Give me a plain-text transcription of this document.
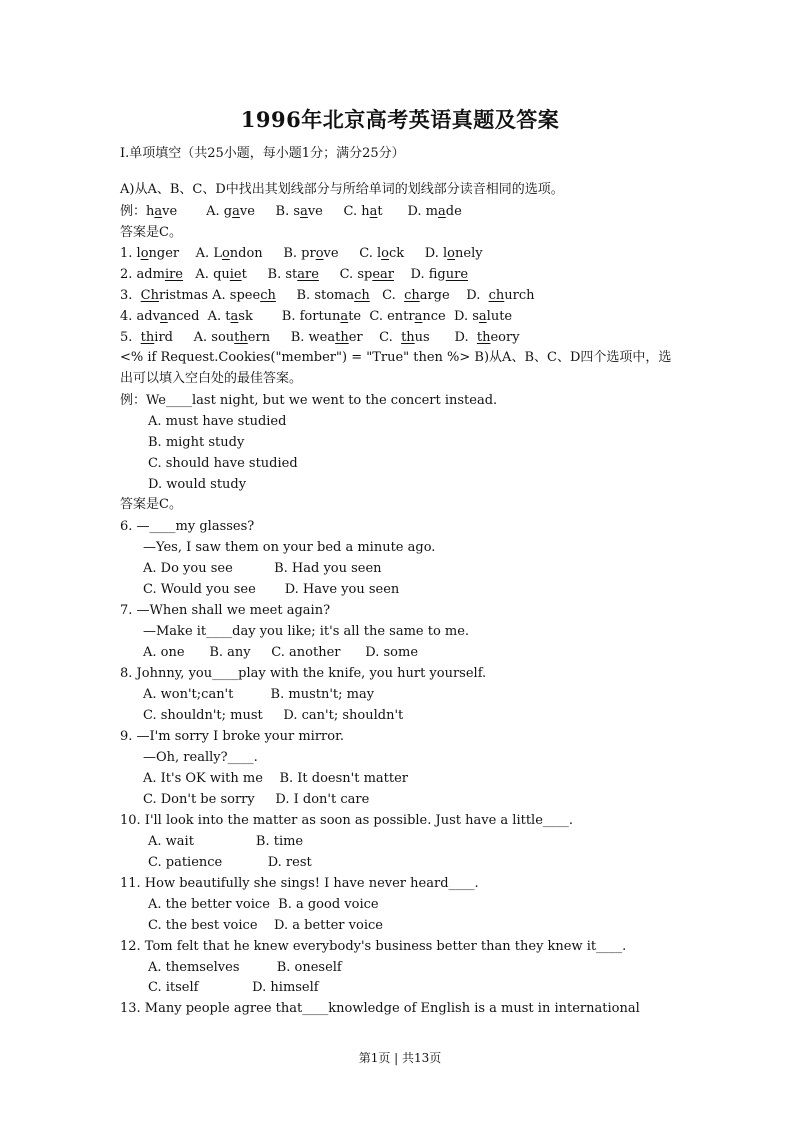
1996年北京高考英语真题及答案
Ⅰ.单项填空（共25小题，每小题1分；满分25分）
A)从A、B、C、D中找出其划线部分与所给单词的划线部分读音相同的选项。
例：have       A. gave     B. save     C. hat      D. made
答案是C。
1. longer    A. London     B. prove     C. lock     D. lonely
2. admire   A. quiet     B. stare     C. spear    D. figure
3.  Christmas A. speech     B. stomach   C.  charge    D.  church
4. advanced  A. task       B. fortunate  C. entrance  D. salute
5.  third     A. southern     B. weather    C.  thus      D.  theory
<% if Request.Cookies("member") = "True" then %> B)从A、B、C、D四个选项中，选
出可以填入空白处的最佳答案。
例：We____last night, but we went to the concert instead.
A. must have studied
B. might study
C. should have studied
D. would study
答案是C。
6. —____my glasses?
—Yes, I saw them on your bed a minute ago.
A. Do you see          B. Had you seen
C. Would you see       D. Have you seen
7. —When shall we meet again?
—Make it____day you like; it's all the same to me.
A. one      B. any     C. another      D. some
8. Johnny, you____play with the knife, you hurt yourself.
A. won't;can't         B. mustn't; may
C. shouldn't; must     D. can't; shouldn't
9. —I'm sorry I broke your mirror.
—Oh, really?____.
A. It's OK with me    B. It doesn't matter
C. Don't be sorry     D. I don't care
10. I'll look into the matter as soon as possible. Just have a little____.
A. wait               B. time
C. patience           D. rest
11. How beautifully she sings! I have never heard____.
A. the better voice  B. a good voice
C. the best voice    D. a better voice
12. Tom felt that he knew everybody's business better than they knew it____.
A. themselves         B. oneself
C. itself             D. himself
13. Many people agree that____knowledge of English is a must in international
第1页 | 共13页
